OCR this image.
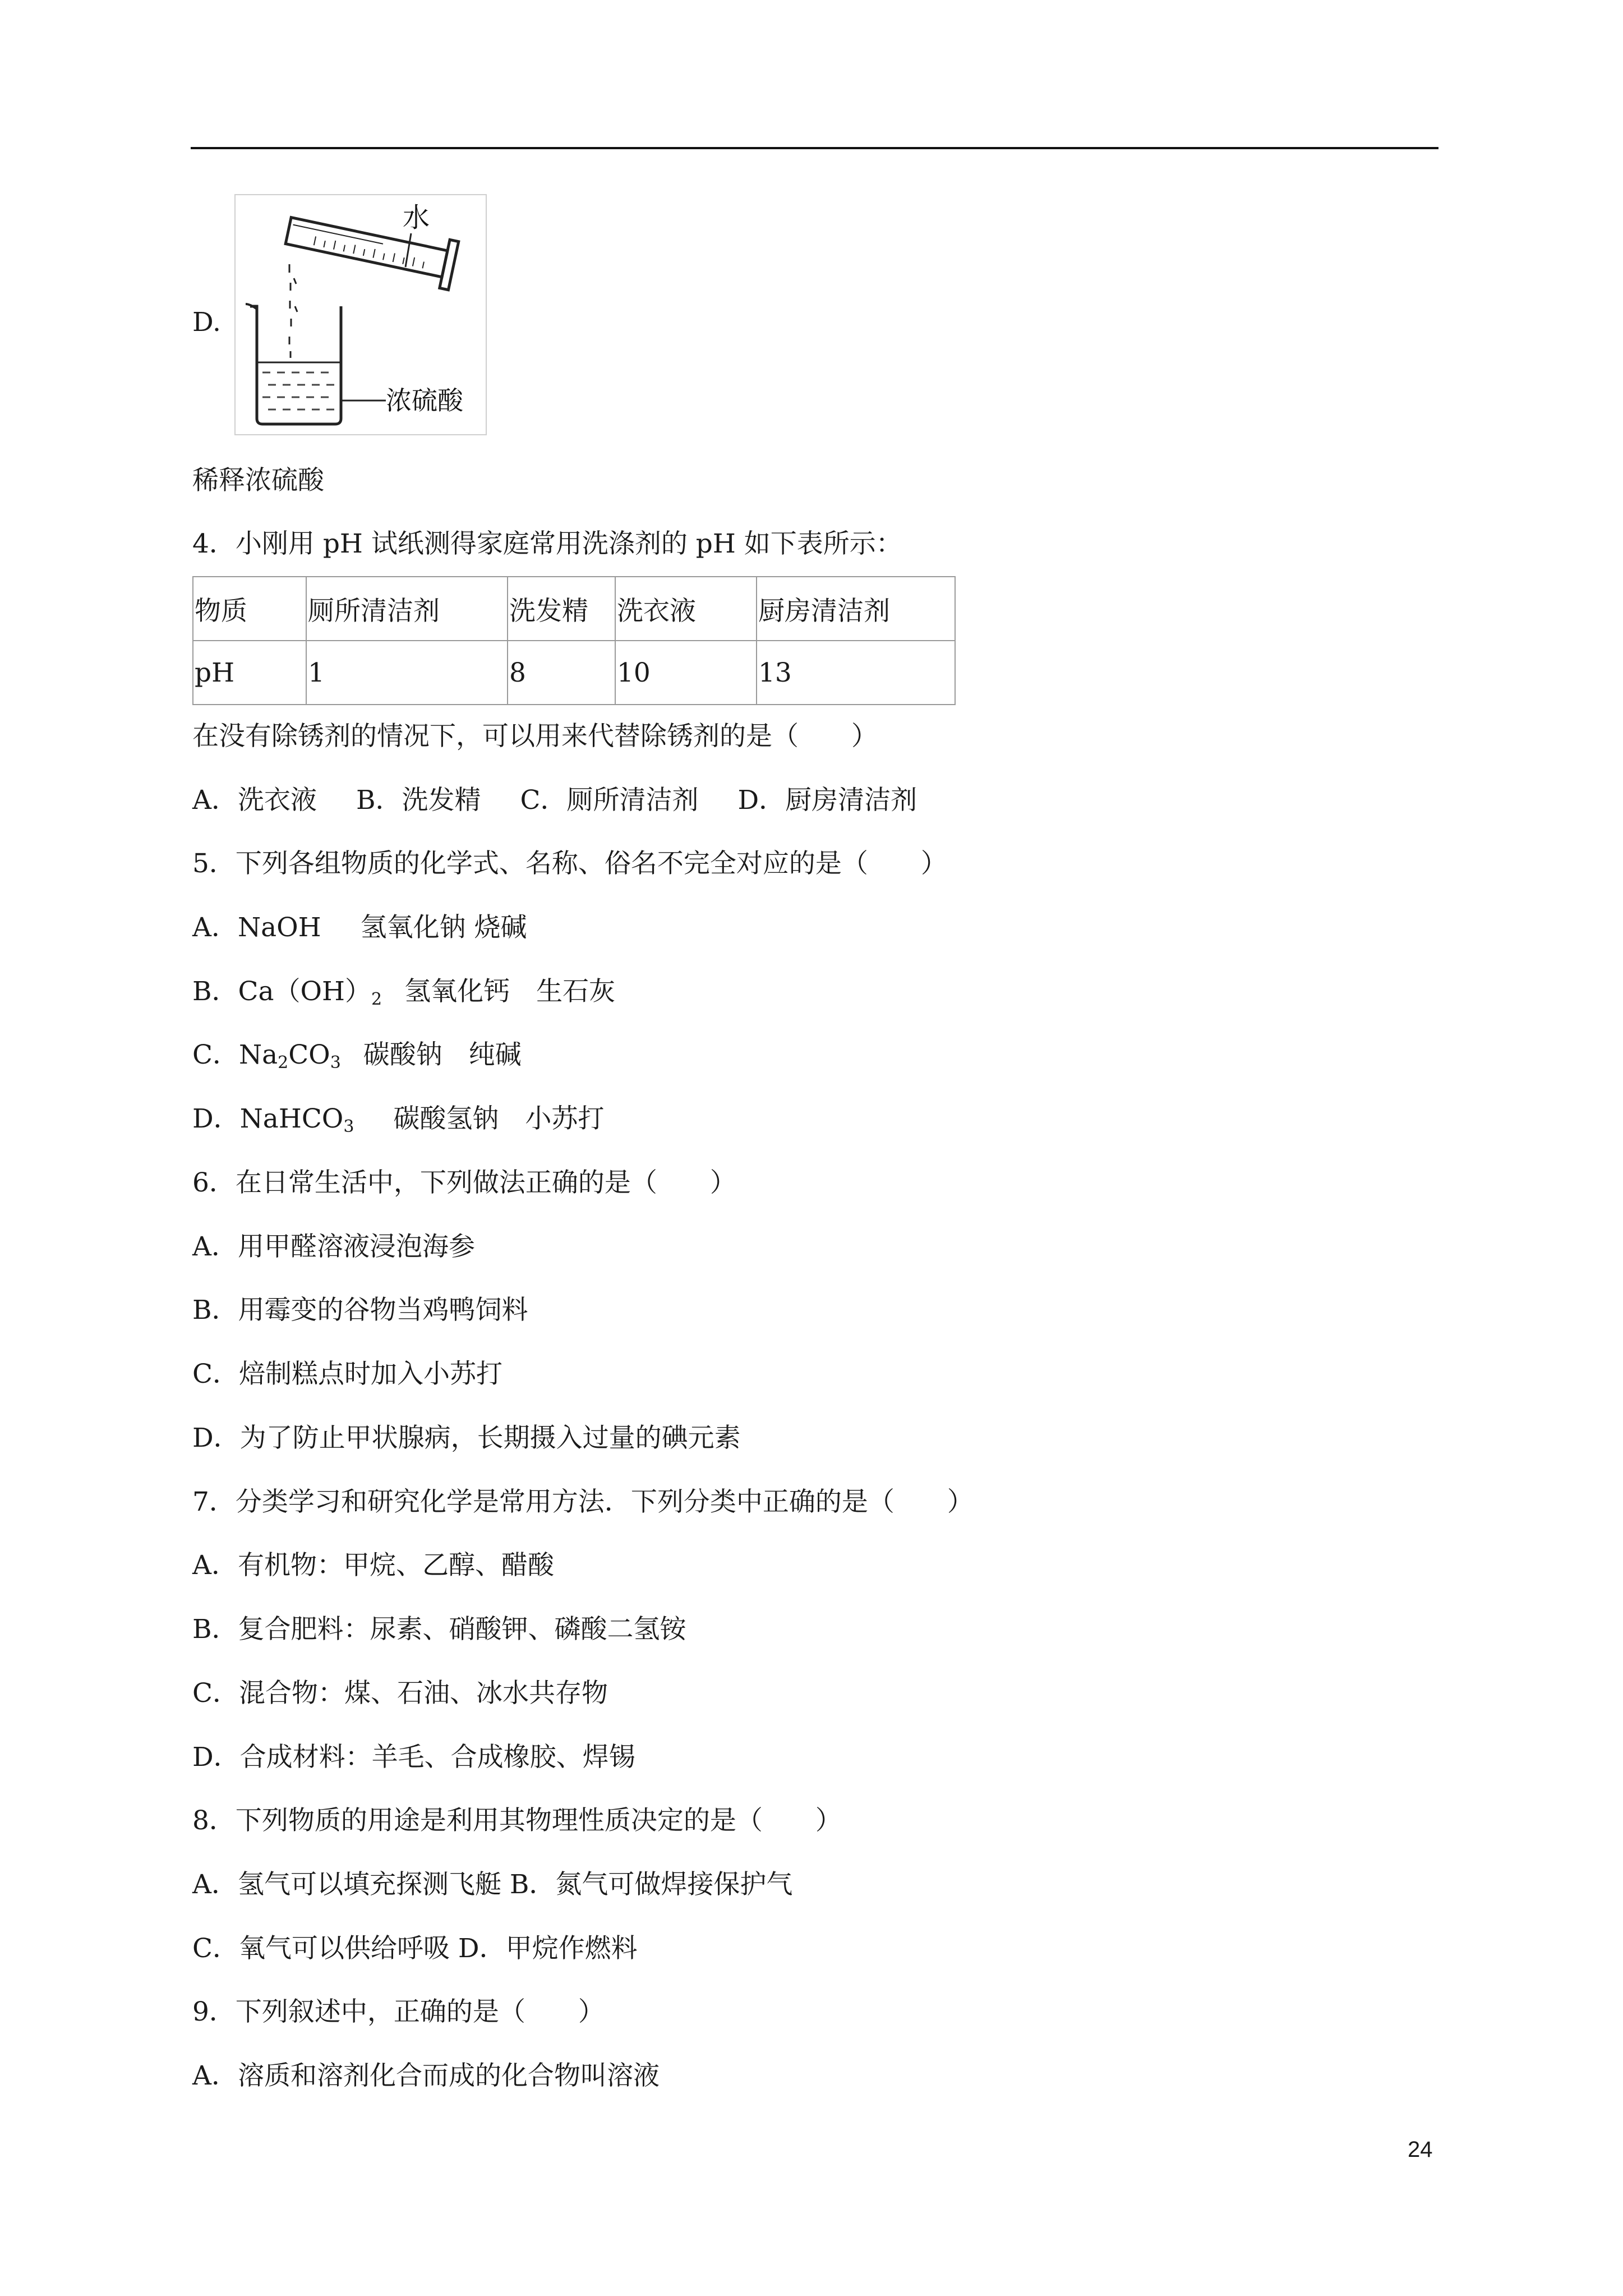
D.
水
浓硫酸
稀释浓硫酸
4．小刚用 pH 试纸测得家庭常用洗涤剂的 pH 如下表所示：
物质	厕所清洁剂	洗发精	洗衣液	厨房清洁剂
pH	1	8	10	13
在没有除锈剂的情况下，可以用来代替除锈剂的是（　　）
A．洗衣液 B．洗发精 C．厕所清洁剂 D．厨房清洁剂
5．下列各组物质的化学式、名称、俗名不完全对应的是（　　）
A．NaOH 氢氧化钠 烧碱
B．$Ca(OH)_2$ 氢氧化钙　生石灰
C．$Na_2CO_3$ 碳酸钠　纯碱
D．NaHCO$_3$ 碳酸氢钠　小苏打
6．在日常生活中，下列做法正确的是（　　）
A．用甲醛溶液浸泡海参
B．用霉变的谷物当鸡鸭饲料
C．焙制糕点时加入小苏打
D．为了防止甲状腺病，长期摄入过量的碘元素
7．分类学习和研究化学是常用方法．下列分类中正确的是（　　）
A．有机物：甲烷、乙醇、醋酸
B．复合肥料：尿素、硝酸钾、磷酸二氢铵
C．混合物：煤、石油、冰水共存物
D．合成材料：羊毛、合成橡胶、焊锡
8．下列物质的用途是利用其物理性质决定的是（　　）
A．氢气可以填充探测飞艇 B．氮气可做焊接保护气
C．氧气可以供给呼吸 D．甲烷作燃料
9．下列叙述中，正确的是（　　）
A．溶质和溶剂化合而成的化合物叫溶液
24
